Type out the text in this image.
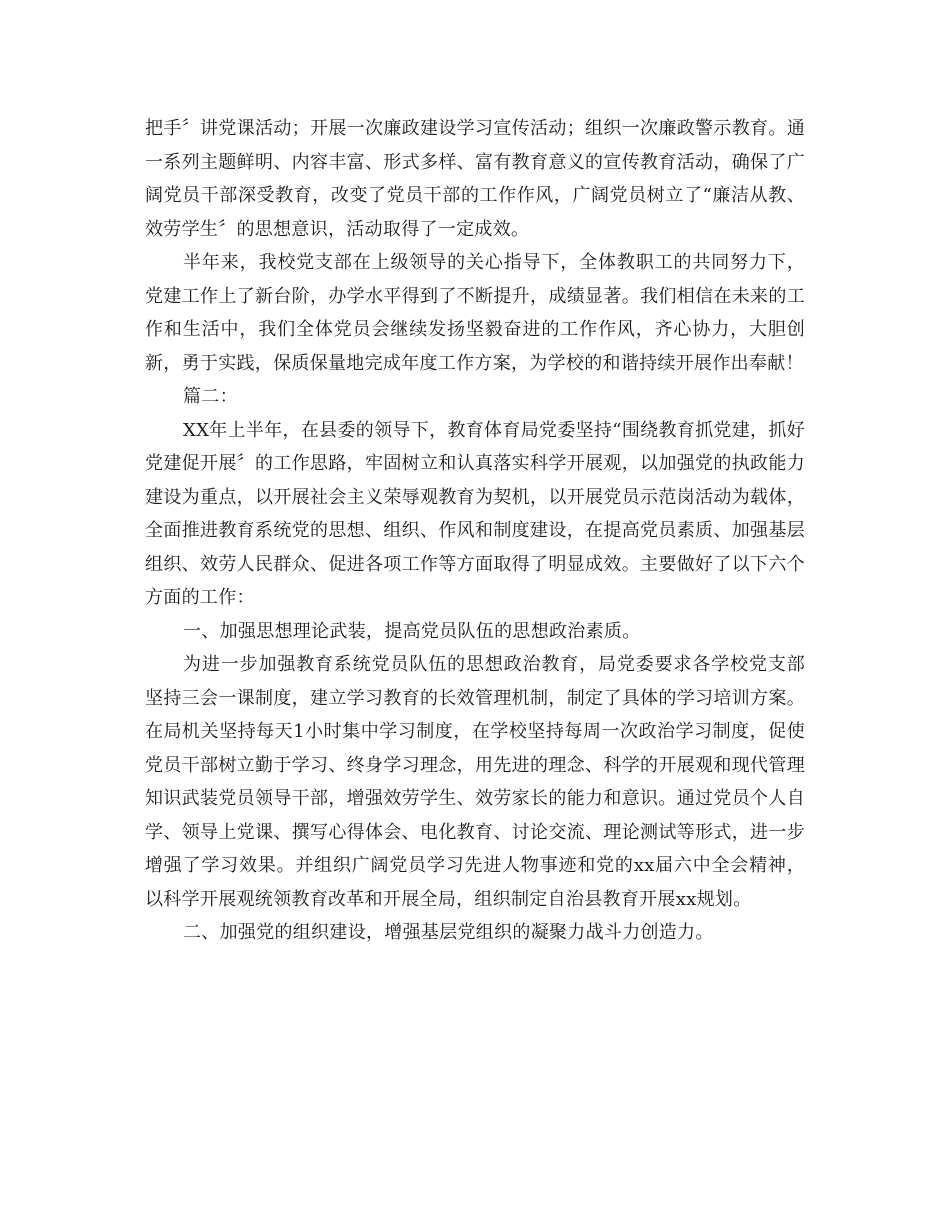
把手〞讲党课活动；开展一次廉政建设学习宣传活动；组织一次廉政警示教育。通一系列主题鲜明、内容丰富、形式多样、富有教育意义的宣传教育活动，确保了广阔党员干部深受教育，改变了党员干部的工作作风，广阔党员树立了“廉洁从教、效劳学生〞的思想意识，活动取得了一定成效。

半年来，我校党支部在上级领导的关心指导下，全体教职工的共同努力下，党建工作上了新台阶，办学水平得到了不断提升，成绩显著。我们相信在未来的工作和生活中，我们全体党员会继续发扬坚毅奋进的工作作风，齐心协力，大胆创新，勇于实践，保质保量地完成年度工作方案，为学校的和谐持续开展作出奉献！

篇二：

XX年上半年，在县委的领导下，教育体育局党委坚持“围绕教育抓党建，抓好党建促开展〞的工作思路，牢固树立和认真落实科学开展观，以加强党的执政能力建设为重点，以开展社会主义荣辱观教育为契机，以开展党员示范岗活动为载体，全面推进教育系统党的思想、组织、作风和制度建设，在提高党员素质、加强基层组织、效劳人民群众、促进各项工作等方面取得了明显成效。主要做好了以下六个方面的工作：

一、加强思想理论武装，提高党员队伍的思想政治素质。

为进一步加强教育系统党员队伍的思想政治教育，局党委要求各学校党支部坚持三会一课制度，建立学习教育的长效管理机制，制定了具体的学习培训方案。在局机关坚持每天1小时集中学习制度，在学校坚持每周一次政治学习制度，促使党员干部树立勤于学习、终身学习理念，用先进的理念、科学的开展观和现代管理知识武装党员领导干部，增强效劳学生、效劳家长的能力和意识。通过党员个人自学、领导上党课、撰写心得体会、电化教育、讨论交流、理论测试等形式，进一步增强了学习效果。并组织广阔党员学习先进人物事迹和党的xx届六中全会精神，以科学开展观统领教育改革和开展全局，组织制定自治县教育开展xx规划。

二、加强党的组织建设，增强基层党组织的凝聚力战斗力创造力。
